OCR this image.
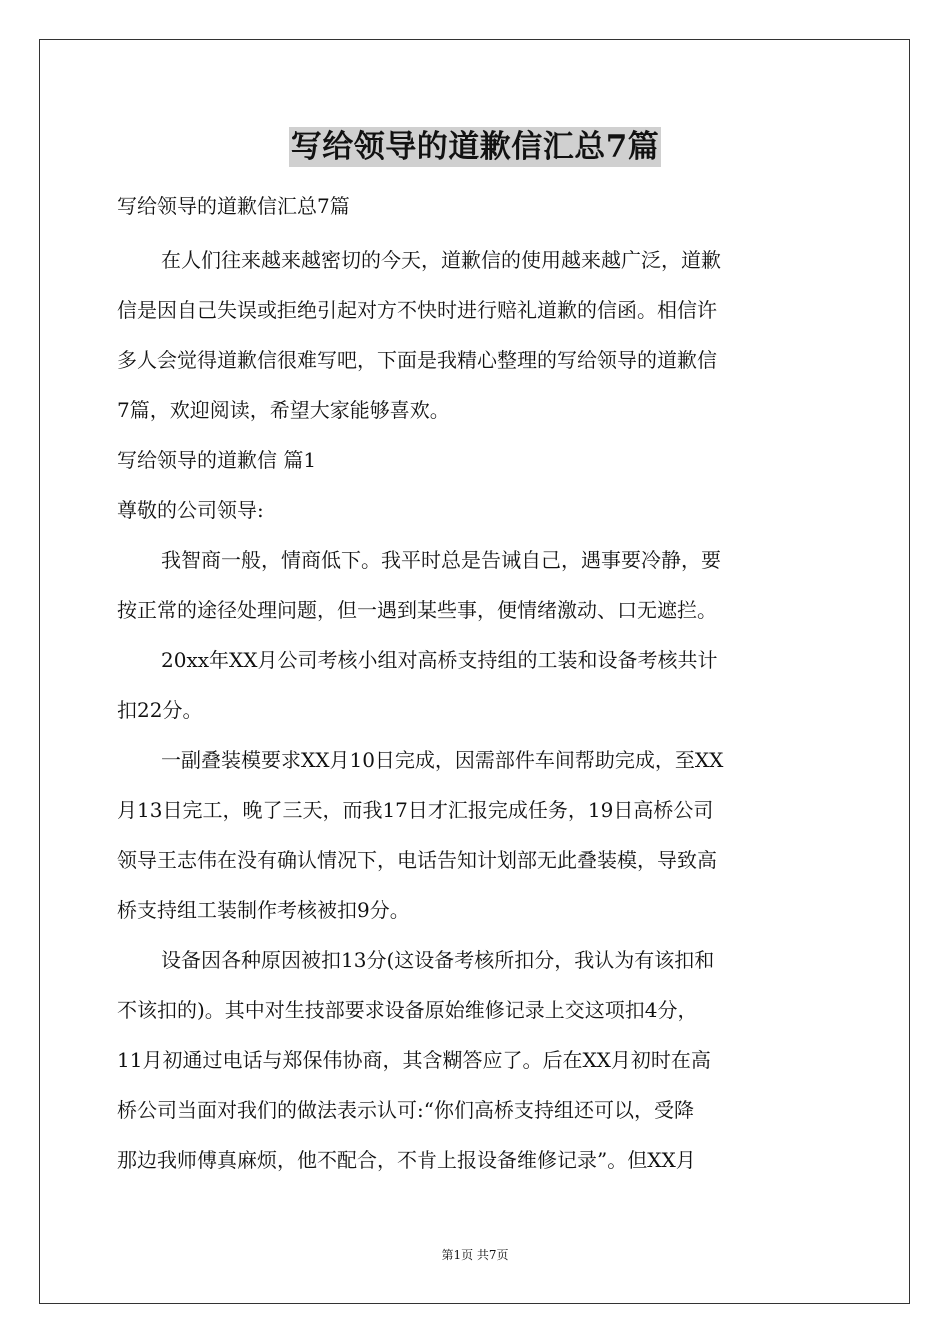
写给领导的道歉信汇总7篇

写给领导的道歉信汇总7篇

在人们往来越来越密切的今天，道歉信的使用越来越广泛，道歉

信是因自己失误或拒绝引起对方不快时进行赔礼道歉的信函。相信许

多人会觉得道歉信很难写吧，下面是我精心整理的写给领导的道歉信

7篇，欢迎阅读，希望大家能够喜欢。

写给领导的道歉信 篇1

尊敬的公司领导:

我智商一般，情商低下。我平时总是告诫自己，遇事要冷静，要

按正常的途径处理问题，但一遇到某些事，便情绪激动、口无遮拦。

20xx年XX月公司考核小组对高桥支持组的工装和设备考核共计

扣22分。

一副叠装模要求XX月10日完成，因需部件车间帮助完成，至XX

月13日完工，晚了三天，而我17日才汇报完成任务，19日高桥公司

领导王志伟在没有确认情况下，电话告知计划部无此叠装模，导致高

桥支持组工装制作考核被扣9分。

设备因各种原因被扣13分(这设备考核所扣分，我认为有该扣和

不该扣的)。其中对生技部要求设备原始维修记录上交这项扣4分，

11月初通过电话与郑保伟协商，其含糊答应了。后在XX月初时在高

桥公司当面对我们的做法表示认可:“你们高桥支持组还可以，受降

那边我师傅真麻烦，他不配合，不肯上报设备维修记录”。但XX月

第1页 共7页
